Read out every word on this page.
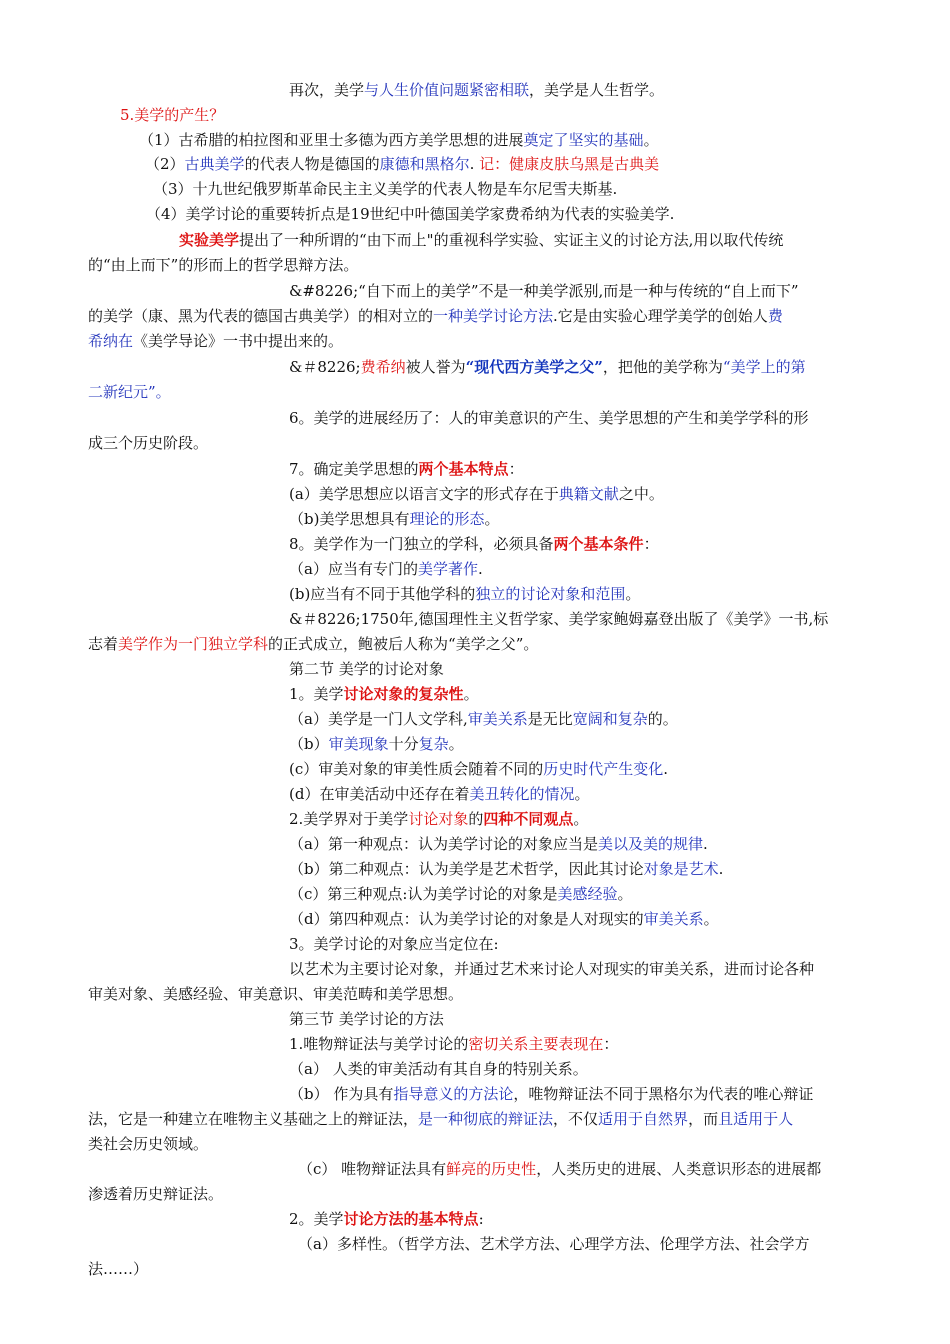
再次，美学与人生价值问题紧密相联，美学是人生哲学。
5.美学的产生？
（1）古希腊的柏拉图和亚里士多德为西方美学思想的进展奠定了坚实的基础。
（2）古典美学的代表人物是德国的康德和黑格尔. 记：健康皮肤乌黑是古典美
（3）十九世纪俄罗斯革命民主主义美学的代表人物是车尔尼雪夫斯基.
（4）美学讨论的重要转折点是19世纪中叶德国美学家费希纳为代表的实验美学.
实验美学提出了一种所谓的“由下而上"的重视科学实验、实证主义的讨论方法,用以取代传统
的“由上而下”的形而上的哲学思辩方法。
&#8226;“自下而上的美学”不是一种美学派别,而是一种与传统的“自上而下”
的美学（康、黑为代表的德国古典美学）的相对立的一种美学讨论方法.它是由实验心理学美学的创始人费
希纳在《美学导论》一书中提出来的。
&＃8226;费希纳被人誉为“现代西方美学之父”，把他的美学称为“美学上的第
二新纪元”。
6。美学的进展经历了：人的审美意识的产生、美学思想的产生和美学学科的形
成三个历史阶段。
7。确定美学思想的两个基本特点：
(a）美学思想应以语言文字的形式存在于典籍文献之中。
（b)美学思想具有理论的形态。
8。美学作为一门独立的学科，必须具备两个基本条件：
（a）应当有专门的美学著作.
(b)应当有不同于其他学科的独立的讨论对象和范围。
&＃8226;1750年,德国理性主义哲学家、美学家鲍姆嘉登出版了《美学》一书,标
志着美学作为一门独立学科的正式成立，鲍被后人称为“美学之父”。
第二节 美学的讨论对象
1。美学讨论对象的复杂性。
（a）美学是一门人文学科,审美关系是无比宽阔和复杂的。
（b）审美现象十分复杂。
(c）审美对象的审美性质会随着不同的历史时代产生变化.
(d）在审美活动中还存在着美丑转化的情况。
2.美学界对于美学讨论对象的四种不同观点。
（a）第一种观点：认为美学讨论的对象应当是美以及美的规律.
（b）第二种观点：认为美学是艺术哲学，因此其讨论对象是艺术.
（c）第三种观点:认为美学讨论的对象是美感经验。
（d）第四种观点：认为美学讨论的对象是人对现实的审美关系。
3。美学讨论的对象应当定位在:
以艺术为主要讨论对象，并通过艺术来讨论人对现实的审美关系，进而讨论各种
审美对象、美感经验、审美意识、审美范畴和美学思想。
第三节 美学讨论的方法
1.唯物辩证法与美学讨论的密切关系主要表现在：
（a） 人类的审美活动有其自身的特别关系。
（b） 作为具有指导意义的方法论，唯物辩证法不同于黑格尔为代表的唯心辩证
法，它是一种建立在唯物主义基础之上的辩证法，是一种彻底的辩证法，不仅适用于自然界，而且适用于人
类社会历史领域。
（c） 唯物辩证法具有鲜亮的历史性，人类历史的进展、人类意识形态的进展都
渗透着历史辩证法。
2。美学讨论方法的基本特点:
（a）多样性。（哲学方法、艺术学方法、心理学方法、伦理学方法、社会学方
法……）
